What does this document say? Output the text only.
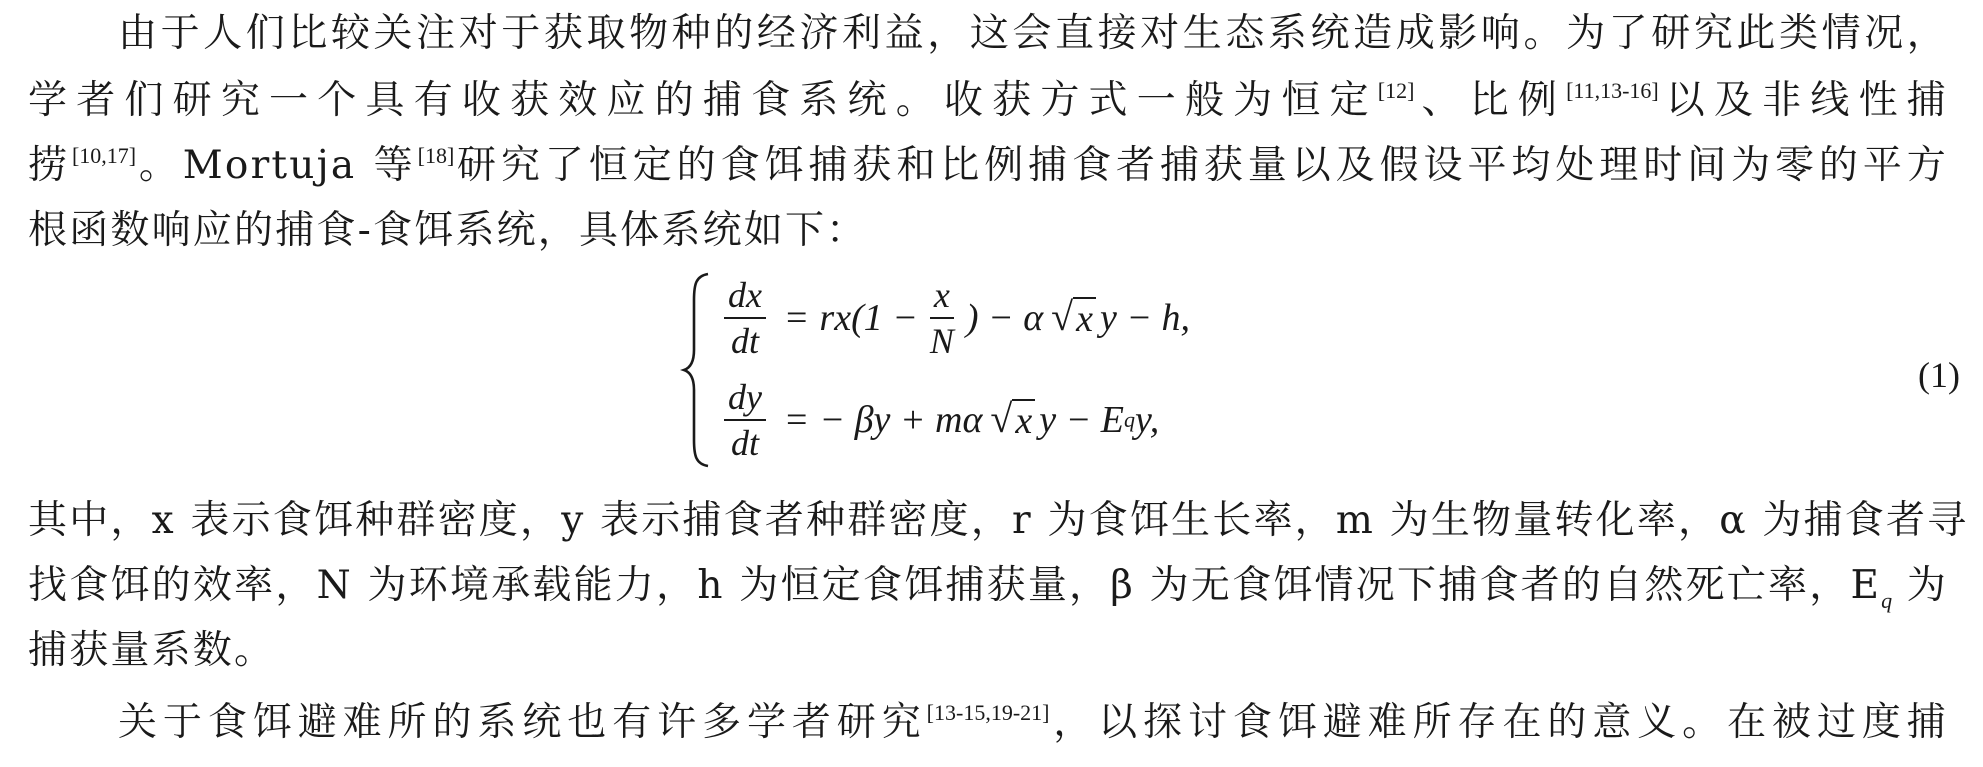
由于人们比较关注对于获取物种的经济利益，这会直接对生态系统造成影响。为了研究此类情况，
学者们研究一个具有收获效应的捕食系统。收获方式一般为恒定[12]、比例[11,13-16]以及非线性捕
捞[10,17]。Mortuja 等[18]研究了恒定的食饵捕获和比例捕食者捕获量以及假设平均处理时间为零的平方
根函数响应的捕食-食饵系统，具体系统如下：
$\frac{dx}{dt} = rx(1 - \frac{x}{N}$ ) − α √ x y − h,
$\frac{dy}{dt}$ = − βy + mα √ x y − E q y,
(1)
其中，x 表示食饵种群密度，y 表示捕食者种群密度，r 为食饵生长率，m 为生物量转化率，α 为捕食者寻
找食饵的效率，N 为环境承载能力，h 为恒定食饵捕获量，β 为无食饵情况下捕食者的自然死亡率，$E_q$ 为
捕获量系数。
关于食饵避难所的系统也有许多学者研究[13-15,19-21]，以探讨食饵避难所存在的意义。在被过度捕
